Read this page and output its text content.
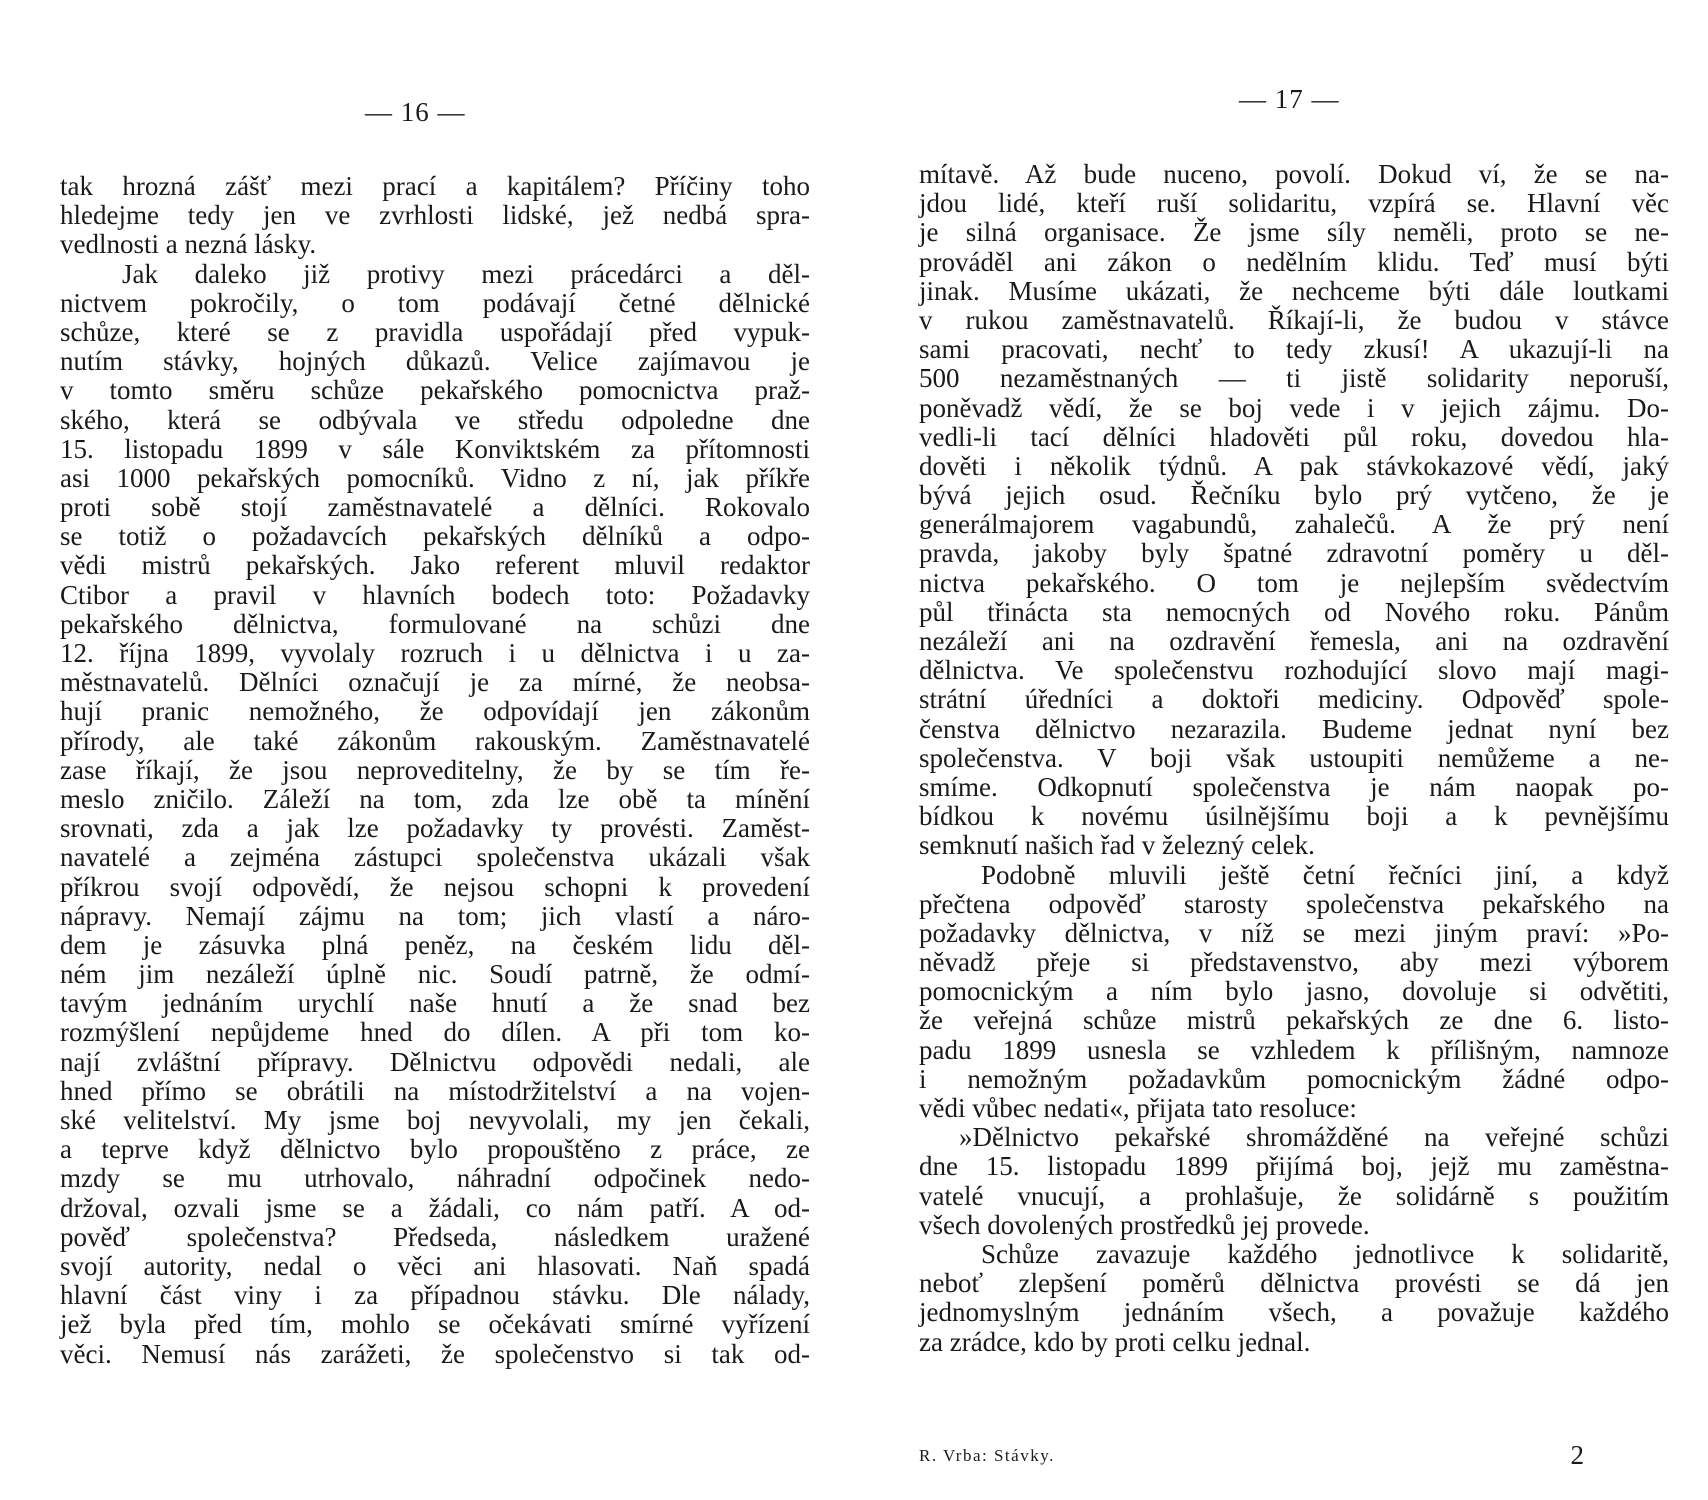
— 16 —
tak hrozná zášť mezi prací a kapitálem? Příčiny toho
hledejme tedy jen ve zvrhlosti lidské, jež nedbá spra-
vedlnosti a nezná lásky.
Jak daleko již protivy mezi prácedárci a děl-
nictvem pokročily, o tom podávají četné dělnické
schůze, které se z pravidla uspořádají před vypuk-
nutím stávky, hojných důkazů. Velice zajímavou je
v tomto směru schůze pekařského pomocnictva praž-
ského, která se odbývala ve středu odpoledne dne
15. listopadu 1899 v sále Konviktském za přítomnosti
asi 1000 pekařských pomocníků. Vidno z ní, jak příkře
proti sobě stojí zaměstnavatelé a dělníci. Rokovalo
se totiž o požadavcích pekařských dělníků a odpo-
vědi mistrů pekařských. Jako referent mluvil redaktor
Ctibor a pravil v hlavních bodech toto: Požadavky
pekařského dělnictva, formulované na schůzi dne
12. října 1899, vyvolaly rozruch i u dělnictva i u za-
městnavatelů. Dělníci označují je za mírné, že neobsa-
hují pranic nemožného, že odpovídají jen zákonům
přírody, ale také zákonům rakouským. Zaměstnavatelé
zase říkají, že jsou neproveditelny, že by se tím ře-
meslo zničilo. Záleží na tom, zda lze obě ta mínění
srovnati, zda a jak lze požadavky ty provésti. Zaměst-
navatelé a zejména zástupci společenstva ukázali však
příkrou svojí odpovědí, že nejsou schopni k provedení
nápravy. Nemají zájmu na tom; jich vlastí a náro-
dem je zásuvka plná peněz, na českém lidu děl-
ném jim nezáleží úplně nic. Soudí patrně, že odmí-
tavým jednáním urychlí naše hnutí a že snad bez
rozmýšlení nepůjdeme hned do dílen. A při tom ko-
nají zvláštní přípravy. Dělnictvu odpovědi nedali, ale
hned přímo se obrátili na místodržitelství a na vojen-
ské velitelství. My jsme boj nevyvolali, my jen čekali,
a teprve když dělnictvo bylo propouštěno z práce, ze
mzdy se mu utrhovalo, náhradní odpočinek nedo-
držoval, ozvali jsme se a žádali, co nám patří. A od-
pověď společenstva? Předseda, následkem uražené
svojí autority, nedal o věci ani hlasovati. Naň spadá
hlavní část viny i za případnou stávku. Dle nálady,
jež byla před tím, mohlo se očekávati smírné vyřízení
věci. Nemusí nás zarážeti, že společenstvo si tak od-
— 17 —
mítavě. Až bude nuceno, povolí. Dokud ví, že se na-
jdou lidé, kteří ruší solidaritu, vzpírá se. Hlavní věc
je silná organisace. Že jsme síly neměli, proto se ne-
prováděl ani zákon o nedělním klidu. Teď musí býti
jinak. Musíme ukázati, že nechceme býti dále loutkami
v rukou zaměstnavatelů. Říkají-li, že budou v stávce
sami pracovati, nechť to tedy zkusí! A ukazují-li na
500 nezaměstnaných — ti jistě solidarity neporuší,
poněvadž vědí, že se boj vede i v jejich zájmu. Do-
vedli-li tací dělníci hladověti půl roku, dovedou hla-
dověti i několik týdnů. A pak stávkokazové vědí, jaký
bývá jejich osud. Řečníku bylo prý vytčeno, že je
generálmajorem vagabundů, zahalečů. A že prý není
pravda, jakoby byly špatné zdravotní poměry u děl-
nictva pekařského. O tom je nejlepším svědectvím
půl třinácta sta nemocných od Nového roku. Pánům
nezáleží ani na ozdravění řemesla, ani na ozdravění
dělnictva. Ve společenstvu rozhodující slovo mají magi-
strátní úředníci a doktoři mediciny. Odpověď spole-
čenstva dělnictvo nezarazila. Budeme jednat nyní bez
společenstva. V boji však ustoupiti nemůžeme a ne-
smíme. Odkopnutí společenstva je nám naopak po-
bídkou k novému úsilnějšímu boji a k pevnějšímu
semknutí našich řad v železný celek.
Podobně mluvili ještě četní řečníci jiní, a když
přečtena odpověď starosty společenstva pekařského na
požadavky dělnictva, v níž se mezi jiným praví: »Po-
něvadž přeje si představenstvo, aby mezi výborem
pomocnickým a ním bylo jasno, dovoluje si odvětiti,
že veřejná schůze mistrů pekařských ze dne 6. listo-
padu 1899 usnesla se vzhledem k přílišným, namnoze
i nemožným požadavkům pomocnickým žádné odpo-
vědi vůbec nedati«, přijata tato resoluce:
»Dělnictvo pekařské shromážděné na veřejné schůzi
dne 15. listopadu 1899 přijímá boj, jejž mu zaměstna-
vatelé vnucují, a prohlašuje, že solidárně s použitím
všech dovolených prostředků jej provede.
Schůze zavazuje každého jednotlivce k solidaritě,
neboť zlepšení poměrů dělnictva provésti se dá jen
jednomyslným jednáním všech, a považuje každého
za zrádce, kdo by proti celku jednal.
R. Vrba: Stávky.	2
